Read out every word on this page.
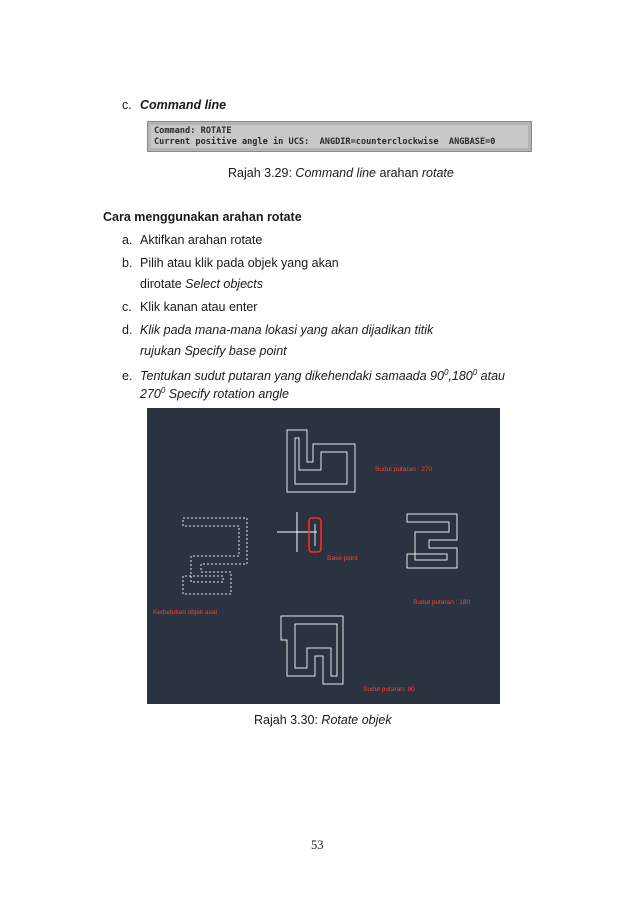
c. Command line
Command: ROTATE
Current positive angle in UCS:  ANGDIR=counterclockwise  ANGBASE=0
Rajah 3.29: Command line arahan rotate
Cara menggunakan arahan rotate
a. Aktifkan arahan rotate
b. Pilih atau klik pada objek yang akan
dirotate Select objects
c. Klik kanan atau enter
d. Klik pada mana-mana lokasi yang akan dijadikan titik
rujukan Specify base point
e. Tentukan sudut putaran yang dikehendaki samaada $90^0,180^0$ atau
$270^0$ Specify rotation angle
Sudut putaran : 270
Base point
Kedudukan objek asal
Sudut putaran : 180
Sudut putaran: 90
Rajah 3.30: Rotate objek
53
